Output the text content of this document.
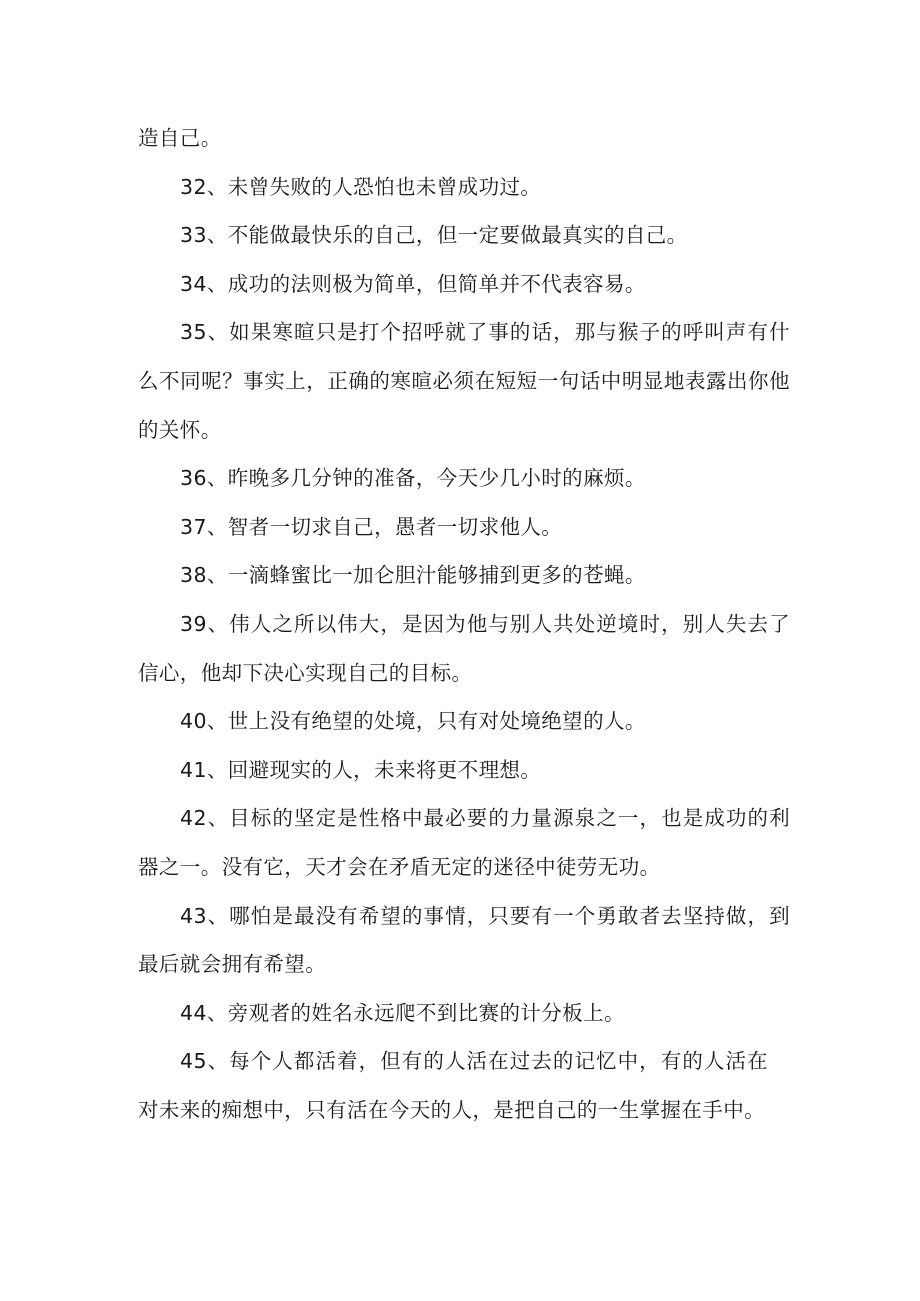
造自己。

32、未曾失败的人恐怕也未曾成功过。

33、不能做最快乐的自己，但一定要做最真实的自己。

34、成功的法则极为简单，但简单并不代表容易。

35、如果寒暄只是打个招呼就了事的话，那与猴子的呼叫声有什么不同呢？事实上，正确的寒暄必须在短短一句话中明显地表露出你他的关怀。

36、昨晚多几分钟的准备，今天少几小时的麻烦。

37、智者一切求自己，愚者一切求他人。

38、一滴蜂蜜比一加仑胆汁能够捕到更多的苍蝇。

39、伟人之所以伟大，是因为他与别人共处逆境时，别人失去了信心，他却下决心实现自己的目标。

40、世上没有绝望的处境，只有对处境绝望的人。

41、回避现实的人，未来将更不理想。

42、目标的坚定是性格中最必要的力量源泉之一，也是成功的利器之一。没有它，天才会在矛盾无定的迷径中徒劳无功。

43、哪怕是最没有希望的事情，只要有一个勇敢者去坚持做，到最后就会拥有希望。

44、旁观者的姓名永远爬不到比赛的计分板上。

45、每个人都活着，但有的人活在过去的记忆中，有的人活在对未来的痴想中，只有活在今天的人，是把自己的一生掌握在手中。
